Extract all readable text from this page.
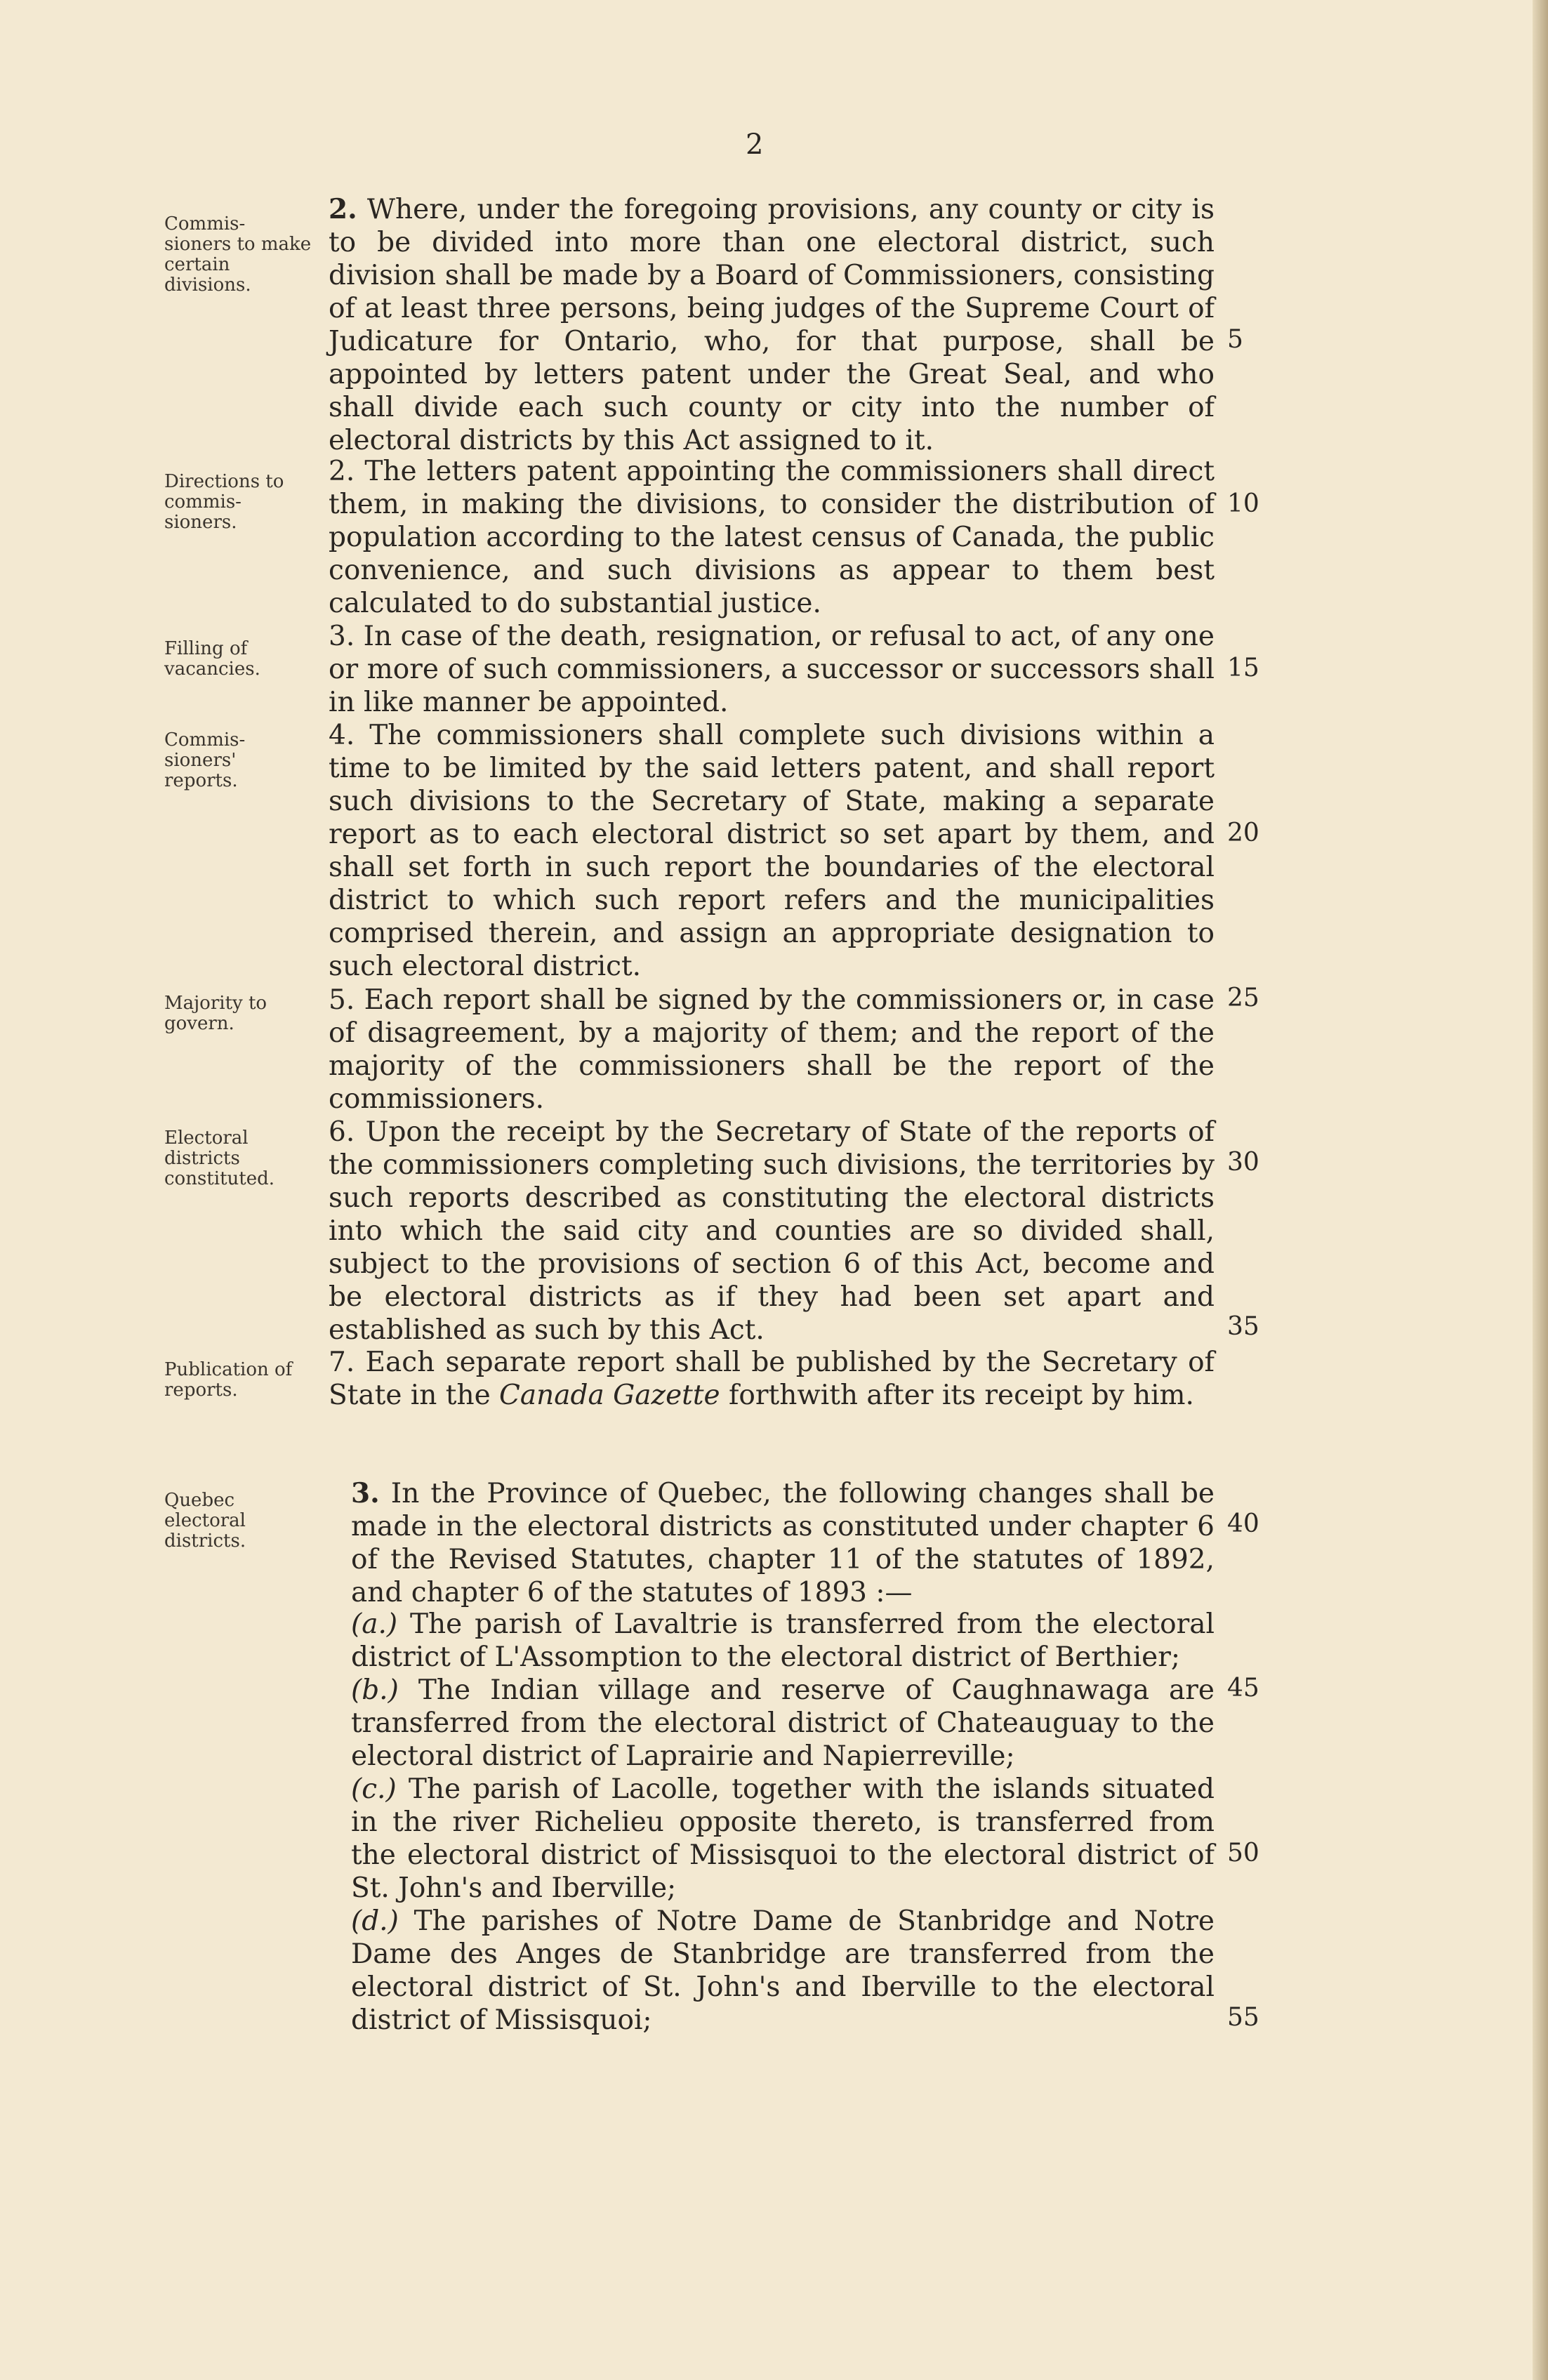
2
Commis-sioners to make certain divisions.
Directions to commis-sioners.
Filling of vacancies.
Commis-sioners' reports.
Majority to govern.
Electoral districts constituted.
Publication of reports.
Quebec electoral districts.
2. Where, under the foregoing provisions, any county or city is to be divided into more than one electoral district, such division shall be made by a Board of Commissioners, consisting of at least three persons, being judges of the Supreme Court of Judicature for Ontario, who, for that purpose, shall be appointed by letters patent under the Great Seal, and who shall divide each such county or city into the number of electoral districts by this Act assigned to it.
2. The letters patent appointing the commissioners shall direct them, in making the divisions, to consider the distribution of population according to the latest census of Canada, the public convenience, and such divisions as appear to them best calculated to do substantial justice.
3. In case of the death, resignation, or refusal to act, of any one or more of such commissioners, a successor or successors shall in like manner be appointed.
4. The commissioners shall complete such divisions within a time to be limited by the said letters patent, and shall report such divisions to the Secretary of State, making a separate report as to each electoral district so set apart by them, and shall set forth in such report the boundaries of the electoral district to which such report refers and the municipalities comprised therein, and assign an appropriate designation to such electoral district.
5. Each report shall be signed by the commissioners or, in case of disagreement, by a majority of them; and the report of the majority of the commissioners shall be the report of the commissioners.
6. Upon the receipt by the Secretary of State of the reports of the commissioners completing such divisions, the territories by such reports described as constituting the electoral districts into which the said city and counties are so divided shall, subject to the provisions of section 6 of this Act, become and be electoral districts as if they had been set apart and established as such by this Act.
7. Each separate report shall be published by the Secretary of State in the Canada Gazette forthwith after its receipt by him.
3. In the Province of Quebec, the following changes shall be made in the electoral districts as constituted under chapter 6 of the Revised Statutes, chapter 11 of the statutes of 1892, and chapter 6 of the statutes of 1893 :—
(a.) The parish of Lavaltrie is transferred from the electoral district of L'Assomption to the electoral district of Berthier;
(b.) The Indian village and reserve of Caughnawaga are transferred from the electoral district of Chateauguay to the electoral district of Laprairie and Napierreville;
(c.) The parish of Lacolle, together with the islands situated in the river Richelieu opposite thereto, is transferred from the electoral district of Missisquoi to the electoral district of St. John's and Iberville;
(d.) The parishes of Notre Dame de Stanbridge and Notre Dame des Anges de Stanbridge are transferred from the electoral district of St. John's and Iberville to the electoral district of Missisquoi;
5
10
15
20
25
30
35
40
45
50
55
